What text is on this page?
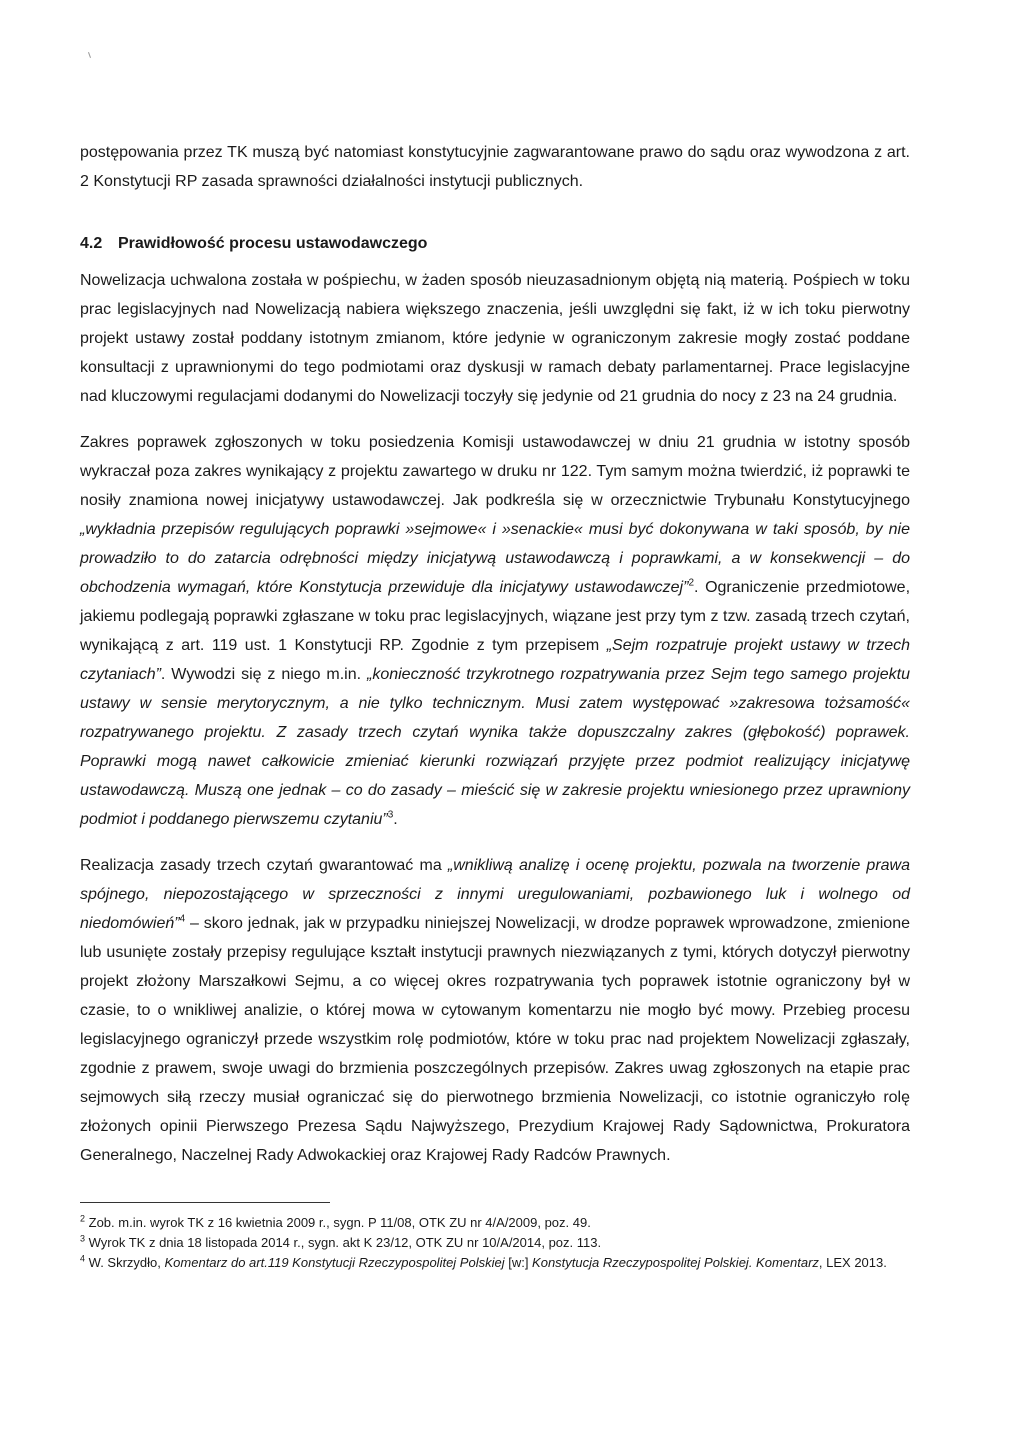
postępowania przez TK muszą być natomiast konstytucyjnie zagwarantowane prawo do sądu oraz wywodzona z art. 2 Konstytucji RP zasada sprawności działalności instytucji publicznych.

4.2 Prawidłowość procesu ustawodawczego

Nowelizacja uchwalona została w pośpiechu, w żaden sposób nieuzasadnionym objętą nią materią. Pośpiech w toku prac legislacyjnych nad Nowelizacją nabiera większego znaczenia, jeśli uwzględni się fakt, iż w ich toku pierwotny projekt ustawy został poddany istotnym zmianom, które jedynie w ograniczonym zakresie mogły zostać poddane konsultacji z uprawnionymi do tego podmiotami oraz dyskusji w ramach debaty parlamentarnej. Prace legislacyjne nad kluczowymi regulacjami dodanymi do Nowelizacji toczyły się jedynie od 21 grudnia do nocy z 23 na 24 grudnia.

Zakres poprawek zgłoszonych w toku posiedzenia Komisji ustawodawczej w dniu 21 grudnia w istotny sposób wykraczał poza zakres wynikający z projektu zawartego w druku nr 122. Tym samym można twierdzić, iż poprawki te nosiły znamiona nowej inicjatywy ustawodawczej. Jak podkreśla się w orzecznictwie Trybunału Konstytucyjnego „wykładnia przepisów regulujących poprawki »sejmowe« i »senackie« musi być dokonywana w taki sposób, by nie prowadziło to do zatarcia odrębności między inicjatywą ustawodawczą i poprawkami, a w konsekwencji – do obchodzenia wymagań, które Konstytucja przewiduje dla inicjatywy ustawodawczej”$^2$. Ograniczenie przedmiotowe, jakiemu podlegają poprawki zgłaszane w toku prac legislacyjnych, wiązane jest przy tym z tzw. zasadą trzech czytań, wynikającą z art. 119 ust. 1 Konstytucji RP. Zgodnie z tym przepisem „Sejm rozpatruje projekt ustawy w trzech czytaniach”. Wywodzi się z niego m.in. „konieczność trzykrotnego rozpatrywania przez Sejm tego samego projektu ustawy w sensie merytorycznym, a nie tylko technicznym. Musi zatem występować »zakresowa tożsamość« rozpatrywanego projektu. Z zasady trzech czytań wynika także dopuszczalny zakres (głębokość) poprawek. Poprawki mogą nawet całkowicie zmieniać kierunki rozwiązań przyjęte przez podmiot realizujący inicjatywę ustawodawczą. Muszą one jednak – co do zasady – mieścić się w zakresie projektu wniesionego przez uprawniony podmiot i poddanego pierwszemu czytaniu”$^3$.

Realizacja zasady trzech czytań gwarantować ma „wnikliwą analizę i ocenę projektu, pozwala na tworzenie prawa spójnego, niepozostającego w sprzeczności z innymi uregulowaniami, pozbawionego luk i wolnego od niedomówień”$^4$ – skoro jednak, jak w przypadku niniejszej Nowelizacji, w drodze poprawek wprowadzone, zmienione lub usunięte zostały przepisy regulujące kształt instytucji prawnych niezwiązanych z tymi, których dotyczył pierwotny projekt złożony Marszałkowi Sejmu, a co więcej okres rozpatrywania tych poprawek istotnie ograniczony był w czasie, to o wnikliwej analizie, o której mowa w cytowanym komentarzu nie mogło być mowy. Przebieg procesu legislacyjnego ograniczył przede wszystkim rolę podmiotów, które w toku prac nad projektem Nowelizacji zgłaszały, zgodnie z prawem, swoje uwagi do brzmienia poszczególnych przepisów. Zakres uwag zgłoszonych na etapie prac sejmowych siłą rzeczy musiał ograniczać się do pierwotnego brzmienia Nowelizacji, co istotnie ograniczyło rolę złożonych opinii Pierwszego Prezesa Sądu Najwyższego, Prezydium Krajowej Rady Sądownictwa, Prokuratora Generalnego, Naczelnej Rady Adwokackiej oraz Krajowej Rady Radców Prawnych.

$^2$ Zob. m.in. wyrok TK z 16 kwietnia 2009 r., sygn. P 11/08, OTK ZU nr 4/A/2009, poz. 49.

$^3$ Wyrok TK z dnia 18 listopada 2014 r., sygn. akt K 23/12, OTK ZU nr 10/A/2014, poz. 113.

$^4$ W. Skrzydło, Komentarz do art.119 Konstytucji Rzeczypospolitej Polskiej [w:] Konstytucja Rzeczypospolitej Polskiej. Komentarz, LEX 2013.
